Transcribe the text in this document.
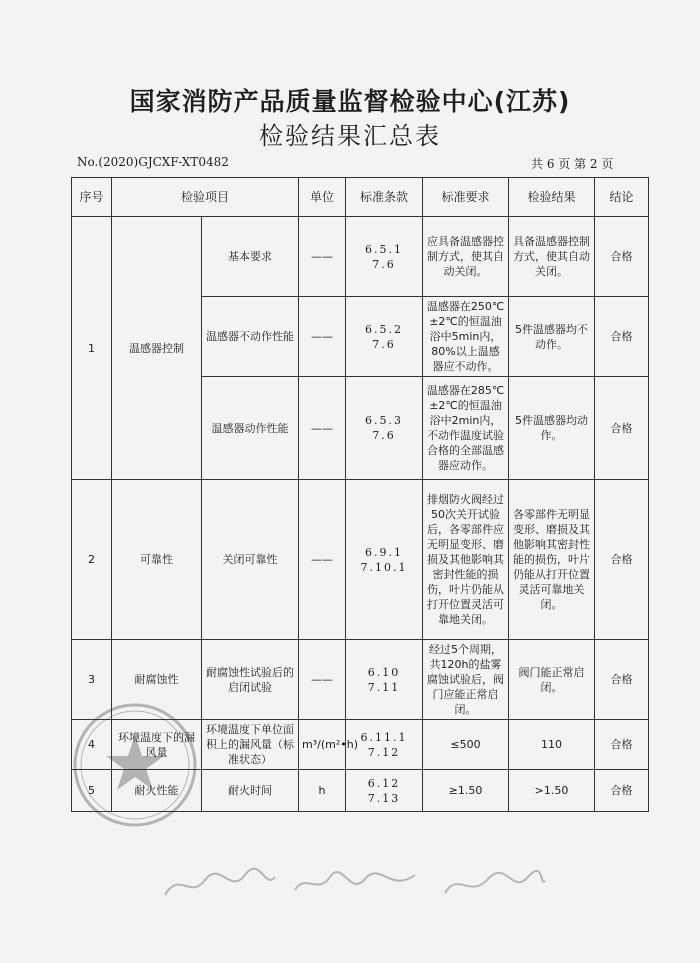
国家消防产品质量监督检验中心(江苏)
检验结果汇总表
No.(2020)GJCXF-XT0482	共 6 页 第 2 页
序号	检验项目		单位	标准条款	标准要求	检验结果	结论
1	温感器控制	基本要求	——	6.5.1
7.6	应具备温感器控制方式，使其自动关闭。	具备温感器控制方式，使其自动关闭。	合格
		温感器不动作性能	——	6.5.2
7.6	温感器在250℃±2℃的恒温油浴中5min内，80%以上温感器应不动作。	5件温感器均不动作。	合格
		温感器动作性能	——	6.5.3
7.6	温感器在285℃±2℃的恒温油浴中2min内，不动作温度试验合格的全部温感器应动作。	5件温感器均动作。	合格
2	可靠性	关闭可靠性	——	6.9.1
7.10.1	排烟防火阀经过50次关开试验后，各零部件应无明显变形、磨损及其他影响其密封性能的损伤，叶片仍能从打开位置灵活可靠地关闭。	各零部件无明显变形、磨损及其他影响其密封性能的损伤，叶片仍能从打开位置灵活可靠地关闭。	合格
3	耐腐蚀性	耐腐蚀性试验后的启闭试验	——	6.10
7.11	经过5个周期，共120h的盐雾腐蚀试验后，阀门应能正常启闭。	阀门能正常启闭。	合格
4	环境温度下的漏风量	环境温度下单位面积上的漏风量（标准状态）	m³/(m²•h)	6.11.1
7.12	≤500	110	合格
5	耐火性能	耐火时间	h	6.12
7.13	≥1.50	>1.50	合格
